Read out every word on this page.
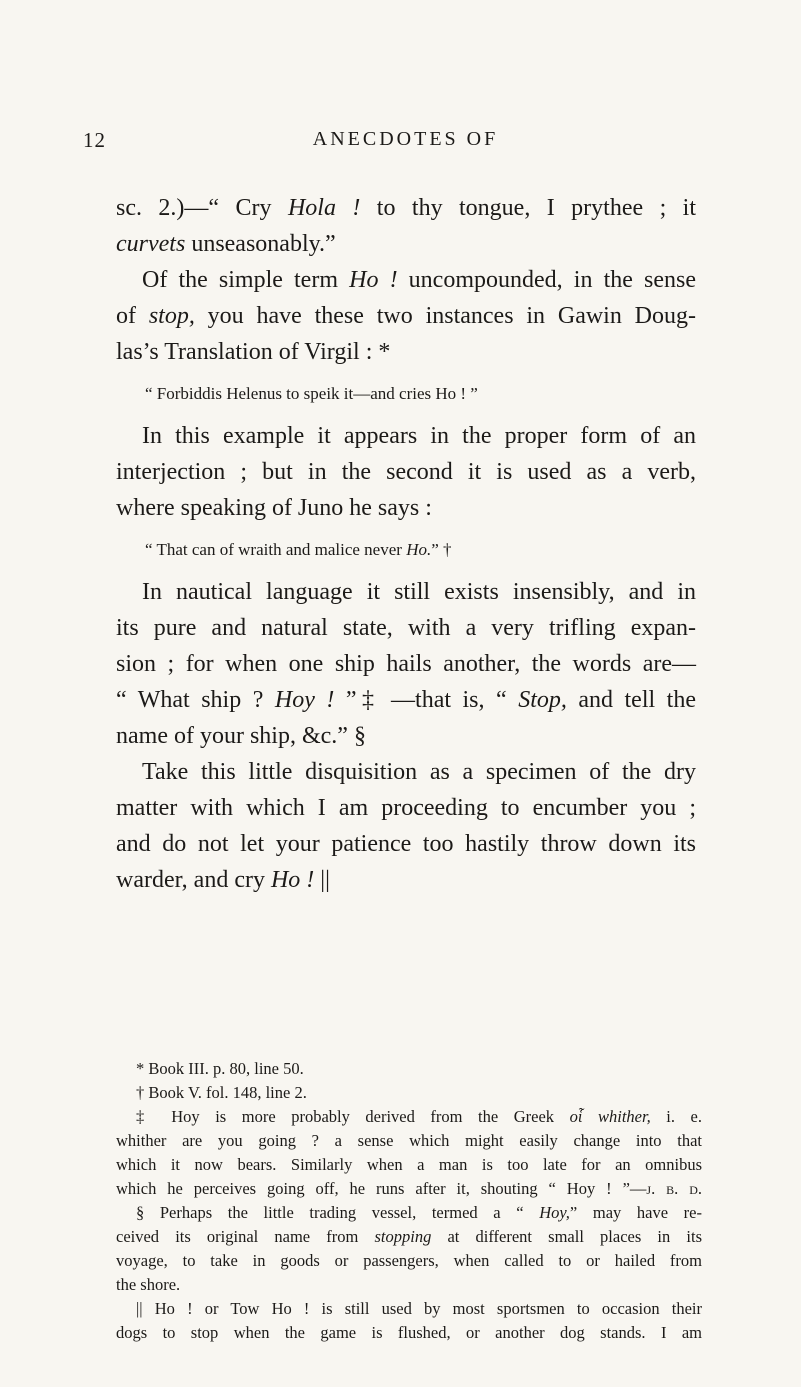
12	ANECDOTES OF
sc. 2.)—“ Cry Hola ! to thy tongue, I prythee ; it
curvets unseasonably.”
Of the simple term Ho ! uncompounded, in the sense
of stop, you have these two instances in Gawin Doug-
las’s Translation of Virgil : *
“ Forbiddis Helenus to speik it—and cries Ho ! ”
In this example it appears in the proper form of an
interjection ; but in the second it is used as a verb,
where speaking of Juno he says :
“ That can of wraith and malice never Ho.” †
In nautical language it still exists insensibly, and in
its pure and natural state, with a very trifling expan-
sion ; for when one ship hails another, the words are—
“ What ship ? Hoy ! ”‡ —that is, “ Stop, and tell the
name of your ship, &c.” §
Take this little disquisition as a specimen of the dry
matter with which I am proceeding to encumber you ;
and do not let your patience too hastily throw down its
warder, and cry Ho ! ||
* Book III. p. 80, line 50.
† Book V. fol. 148, line 2.
‡ Hoy is more probably derived from the Greek οἷ whither, i. e.
whither are you going ? a sense which might easily change into that
which it now bears. Similarly when a man is too late for an omnibus
which he perceives going off, he runs after it, shouting “ Hoy ! ”—j. b. d.
§ Perhaps the little trading vessel, termed a “ Hoy,” may have re-
ceived its original name from stopping at different small places in its
voyage, to take in goods or passengers, when called to or hailed from
the shore.
|| Ho ! or Tow Ho ! is still used by most sportsmen to occasion their
dogs to stop when the game is flushed, or another dog stands. I am
